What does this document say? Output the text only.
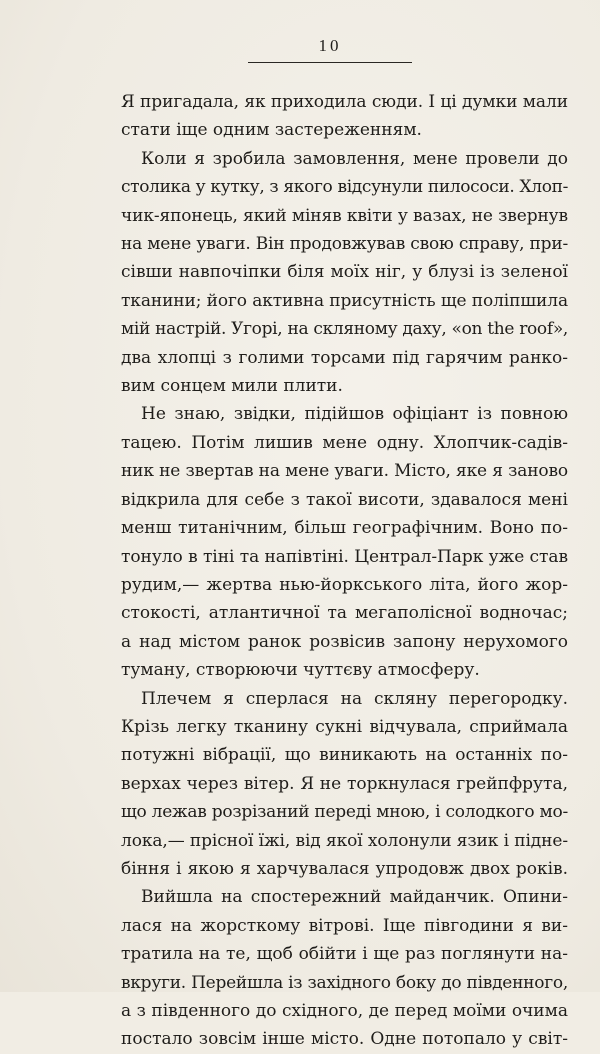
10

Я пригадала, як приходила сюди. І ці думки мали
стати іще одним застереженням.

Коли я зробила замовлення, мене провели до
столика у кутку, з якого відсунули пилососи. Хлоп-
чик-японець, який міняв квіти у вазах, не звернув
на мене уваги. Він продовжував свою справу, при-
сівши навпочіпки біля моїх ніг, у блузі із зеленої
тканини; його активна присутність ще поліпшила
мій настрій. Угорі, на скляному даху, «on the roof»,
два хлопці з голими торсами під гарячим ранко-
вим сонцем мили плити.

Не знаю, звідки, підійшов офіціант із повною
тацею. Потім лишив мене одну. Хлопчик-садів-
ник не звертав на мене уваги. Місто, яке я заново
відкрила для себе з такої висоти, здавалося мені
менш титанічним, більш географічним. Воно по-
тонуло в тіні та напівтіні. Централ-Парк уже став
рудим,— жертва нью-йоркського літа, його жор-
стокості, атлантичної та мегаполісної водночас;
а над містом ранок розвісив запону нерухомого
туману, створюючи чуттєву атмосферу.

Плечем я сперлася на скляну перегородку.
Крізь легку тканину сукні відчувала, сприймала
потужні вібрації, що виникають на останніх по-
верхах через вітер. Я не торкнулася грейпфрута,
що лежав розрізаний переді мною, і солодкого мо-
лока,— прісної їжі, від якої холонули язик і підне-
біння і якою я харчувалася упродовж двох років.

Вийшла на спостережний майданчик. Опини-
лася на жорсткому вітрові. Іще півгодини я ви-
тратила на те, щоб обійти і ще раз поглянути на-
вкруги. Перейшла із західного боку до південного,
а з південного до східного, де перед моїми очима
постало зовсім інше місто. Одне потопало у світ-
